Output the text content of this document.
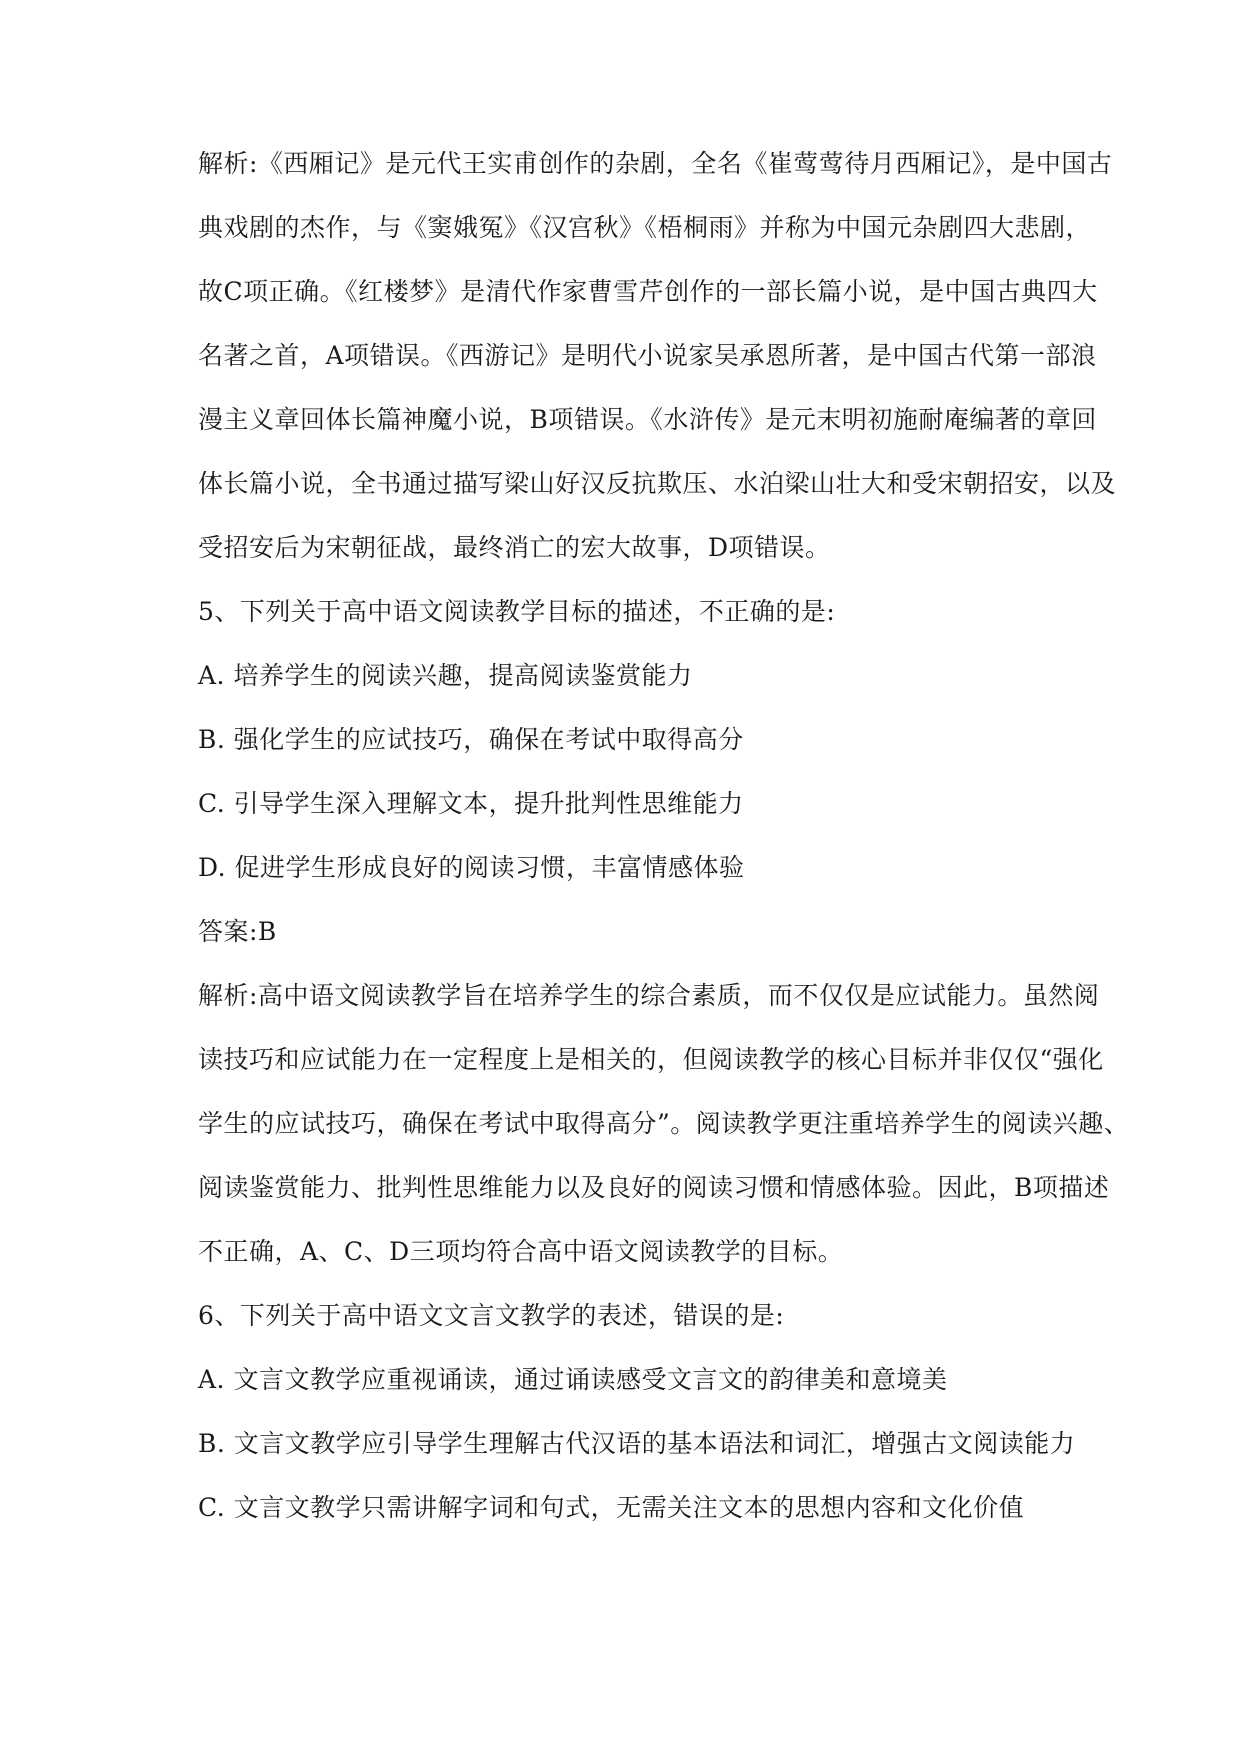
解析:《西厢记》是元代王实甫创作的杂剧，全名《崔莺莺待月西厢记》，是中国古
典戏剧的杰作，与《窦娥冤》《汉宫秋》《梧桐雨》并称为中国元杂剧四大悲剧，
故C项正确。《红楼梦》是清代作家曹雪芹创作的一部长篇小说，是中国古典四大
名著之首，A项错误。《西游记》是明代小说家吴承恩所著，是中国古代第一部浪
漫主义章回体长篇神魔小说，B项错误。《水浒传》是元末明初施耐庵编著的章回
体长篇小说，全书通过描写梁山好汉反抗欺压、水泊梁山壮大和受宋朝招安，以及
受招安后为宋朝征战，最终消亡的宏大故事，D项错误。
5、下列关于高中语文阅读教学目标的描述，不正确的是:
A. 培养学生的阅读兴趣，提高阅读鉴赏能力
B. 强化学生的应试技巧，确保在考试中取得高分
C. 引导学生深入理解文本，提升批判性思维能力
D. 促进学生形成良好的阅读习惯，丰富情感体验
答案:B
解析:高中语文阅读教学旨在培养学生的综合素质，而不仅仅是应试能力。虽然阅
读技巧和应试能力在一定程度上是相关的，但阅读教学的核心目标并非仅仅“强化
学生的应试技巧，确保在考试中取得高分”。阅读教学更注重培养学生的阅读兴趣、
阅读鉴赏能力、批判性思维能力以及良好的阅读习惯和情感体验。因此，B项描述
不正确，A、C、D三项均符合高中语文阅读教学的目标。
6、下列关于高中语文文言文教学的表述，错误的是:
A. 文言文教学应重视诵读，通过诵读感受文言文的韵律美和意境美
B. 文言文教学应引导学生理解古代汉语的基本语法和词汇，增强古文阅读能力
C. 文言文教学只需讲解字词和句式，无需关注文本的思想内容和文化价值
